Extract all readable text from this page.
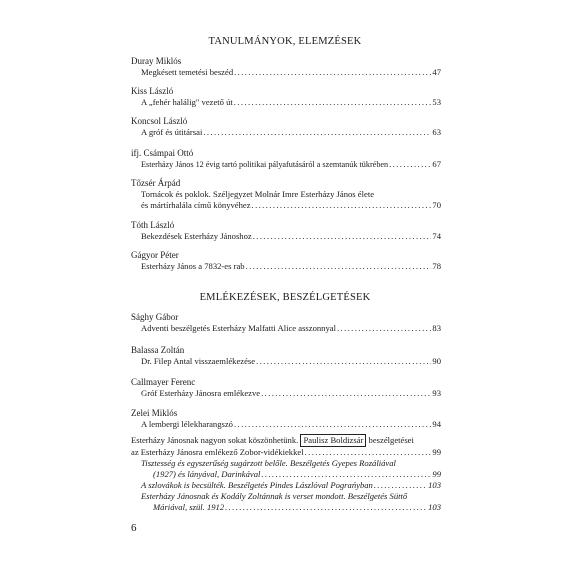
TANULMÁNYOK, ELEMZÉSEK
Duray Miklós
Megkésett temetési beszéd .....	47
Kiss László
A „fehér halálig" vezető út .....	53
Koncsol László
A gróf és útitársai .....	63
ifj. Csámpai Ottó
Esterházy János 12 évig tartó politikai pályafutásáról a szemtanúk tükrében .....	67
Tőzsér Árpád
Tornácok és poklok. Széljegyzet Molnár Imre Esterházy János élete
és mártírhalála című könyvéhez .....	70
Tóth László
Bekezdések Esterházy Jánoshoz .....	74
Gágyor Péter
Esterházy János a 7832-es rab .....	78
EMLÉKEZÉSEK, BESZÉLGETÉSEK
Sághy Gábor
Adventi beszélgetés Esterházy Malfatti Alice asszonnyal .....	83
Balassa Zoltán
Dr. Filep Antal visszaemlékezése .....	90
Callmayer Ferenc
Gróf Esterházy Jánosra emlékezve .....	93
Zelei Miklós
A lembergi lélekharangszó .....	94
Esterházy Jánosnak nagyon sokat köszönhetünk.
Paulisz Boldizsár
beszélgetései
az Esterházy Jánosra emlékező Zobor-vidékiekkel .....	99
Tisztesség és egyszerűség sugárzott belőle. Beszélgetés Gyepes Rozáliával
(1927) és lányával, Darinkával .....	99
A szlovákok is becsülték. Beszélgetés Pindes Lászlóval Pograńyban .....	103
Esterházy Jánosnak és Kodály Zoltánnak is verset mondott. Beszélgetés Süttő
Máriával, szül. 1912 .....	103
6
